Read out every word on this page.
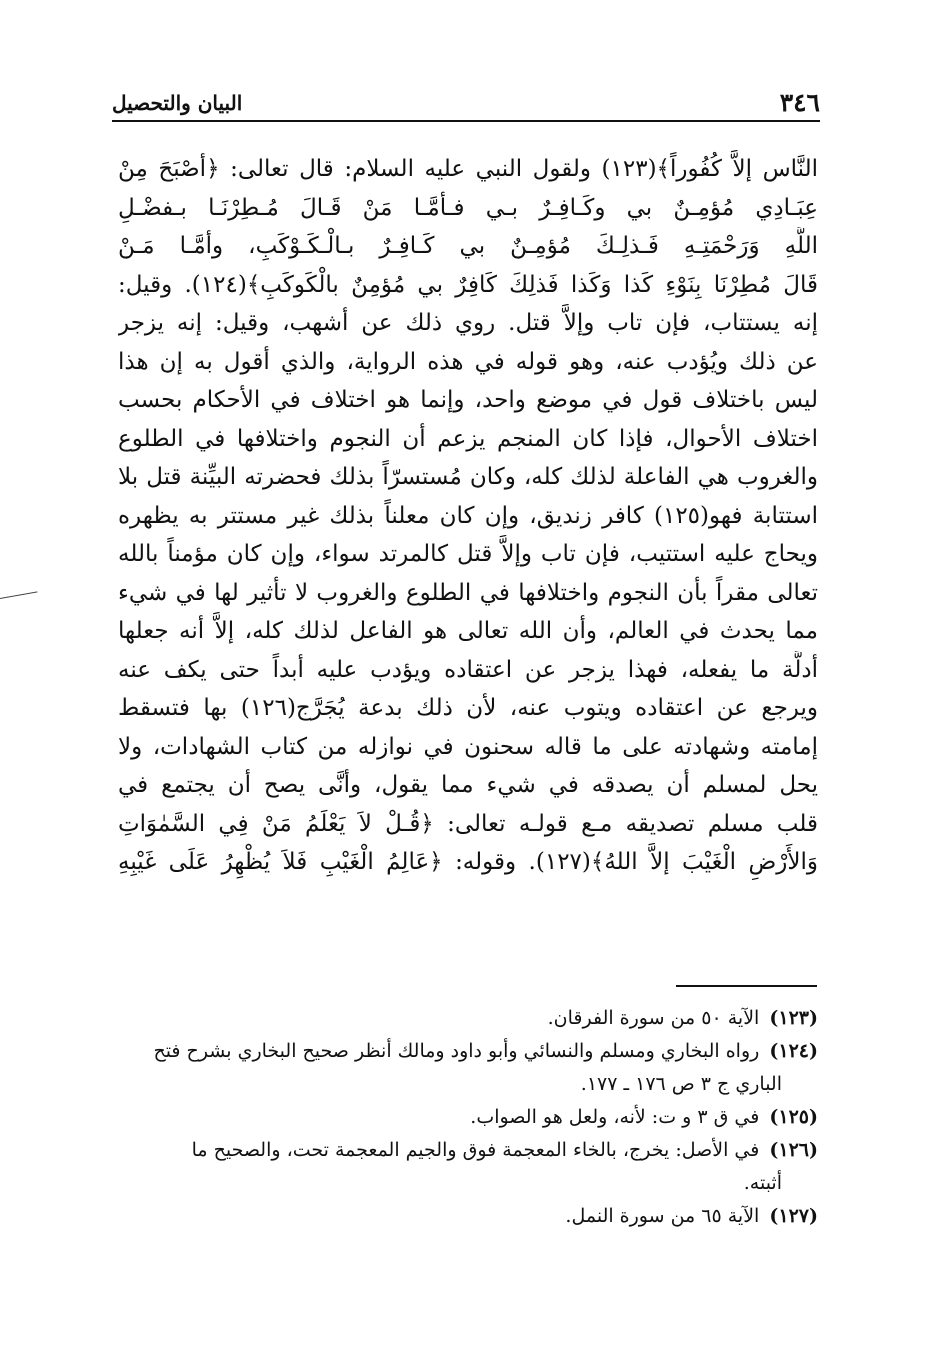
٣٤٦
البيان والتحصيل
النَّاس إلاَّ كُفُوراً﴾(١٢٣) ولقول النبي عليه السلام: قال تعالى: ﴿أصْبَحَ مِنْ
عِبَـادِي مُؤمِـنٌ بي وكَـافِـرٌ بـي فـأمَّـا مَنْ قَـالَ مُـطِرْنَـا بـفضْـلِ
اللَّهِ وَرَحْمَتِـهِ فَـذلِـكَ مُؤمِـنٌ بي كَـافِـرٌ بـالْـكَـوْكَبِ، وأمَّـا مَـنْ
قَالَ مُطِرْنَا بِنَوْءِ كَذا وَكَذا فَذلِكَ كَافِرٌ بي مُؤمِنٌ بالْكَوكَبِ﴾(١٢٤). وقيل:
إنه يستتاب، فإن تاب وإلاَّ قتل. روي ذلك عن أشهب، وقيل: إنه يزجر
عن ذلك ويُؤدب عنه، وهو قوله في هذه الرواية، والذي أقول به إن هذا
ليس باختلاف قول في موضع واحد، وإنما هو اختلاف في الأحكام بحسب
اختلاف الأحوال، فإذا كان المنجم يزعم أن النجوم واختلافها في الطلوع
والغروب هي الفاعلة لذلك كله، وكان مُستسرّاً بذلك فحضرته البيِّنة قتل بلا
استتابة فهو(١٢٥) كافر زنديق، وإن كان معلناً بذلك غير مستتر به يظهره
ويحاج عليه استتيب، فإن تاب وإلاَّ قتل كالمرتد سواء، وإن كان مؤمناً بالله
تعالى مقراً بأن النجوم واختلافها في الطلوع والغروب لا تأثير لها في شيء
مما يحدث في العالم، وأن الله تعالى هو الفاعل لذلك كله، إلاَّ أنه جعلها
أدلَّة ما يفعله، فهذا يزجر عن اعتقاده ويؤدب عليه أبداً حتى يكف عنه
ويرجع عن اعتقاده ويتوب عنه، لأن ذلك بدعة يُجَرَّج(١٢٦) بها فتسقط
إمامته وشهادته على ما قاله سحنون في نوازله من كتاب الشهادات، ولا
يحل لمسلم أن يصدقه في شيء مما يقول، وأنَّى يصح أن يجتمع في
قلب مسلم تصديقه مـع قولـه تعالى: ﴿قُـلْ لاَ يَعْلَمُ مَنْ فِي السَّمٰوَاتِ
وَالأَرْضِ الْغَيْبَ إلاَّ اللهُ﴾(١٢٧). وقوله: ﴿عَالِمُ الْغَيْبِ فَلاَ يُظْهِرُ عَلَى غَيْبِهِ
(١٢٣) الآية ٥٠ من سورة الفرقان.
(١٢٤) رواه البخاري ومسلم والنسائي وأبو داود ومالك أنظر صحيح البخاري بشرح فتح
الباري ج ٣ ص ١٧٦ ـ ١٧٧.
(١٢٥) في ق ٣ و ت: لأنه، ولعل هو الصواب.
(١٢٦) في الأصل: يخرج، بالخاء المعجمة فوق والجيم المعجمة تحت، والصحيح ما
أثبته.
(١٢٧) الآية ٦٥ من سورة النمل.
